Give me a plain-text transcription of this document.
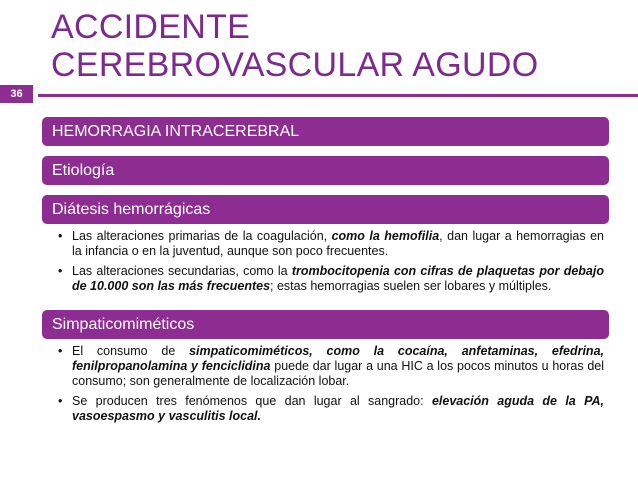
ACCIDENTE
CEREBROVASCULAR AGUDO
36
HEMORRAGIA INTRACEREBRAL
Etiología
Diátesis hemorrágicas
• Las alteraciones primarias de la coagulación, como la hemofilia, dan lugar a hemorragias en la infancia o en la juventud, aunque son poco frecuentes.
• Las alteraciones secundarias, como la trombocitopenia con cifras de plaquetas por debajo de 10.000 son las más frecuentes; estas hemorragias suelen ser lobares y múltiples.
Simpaticomiméticos
• El consumo de simpaticomiméticos, como la cocaína, anfetaminas, efedrina, fenilpropanolamina y fenciclidina puede dar lugar a una HIC a los pocos minutos u horas del consumo; son generalmente de localización lobar.
• Se producen tres fenómenos que dan lugar al sangrado: elevación aguda de la PA, vasoespasmo y vasculitis local.
